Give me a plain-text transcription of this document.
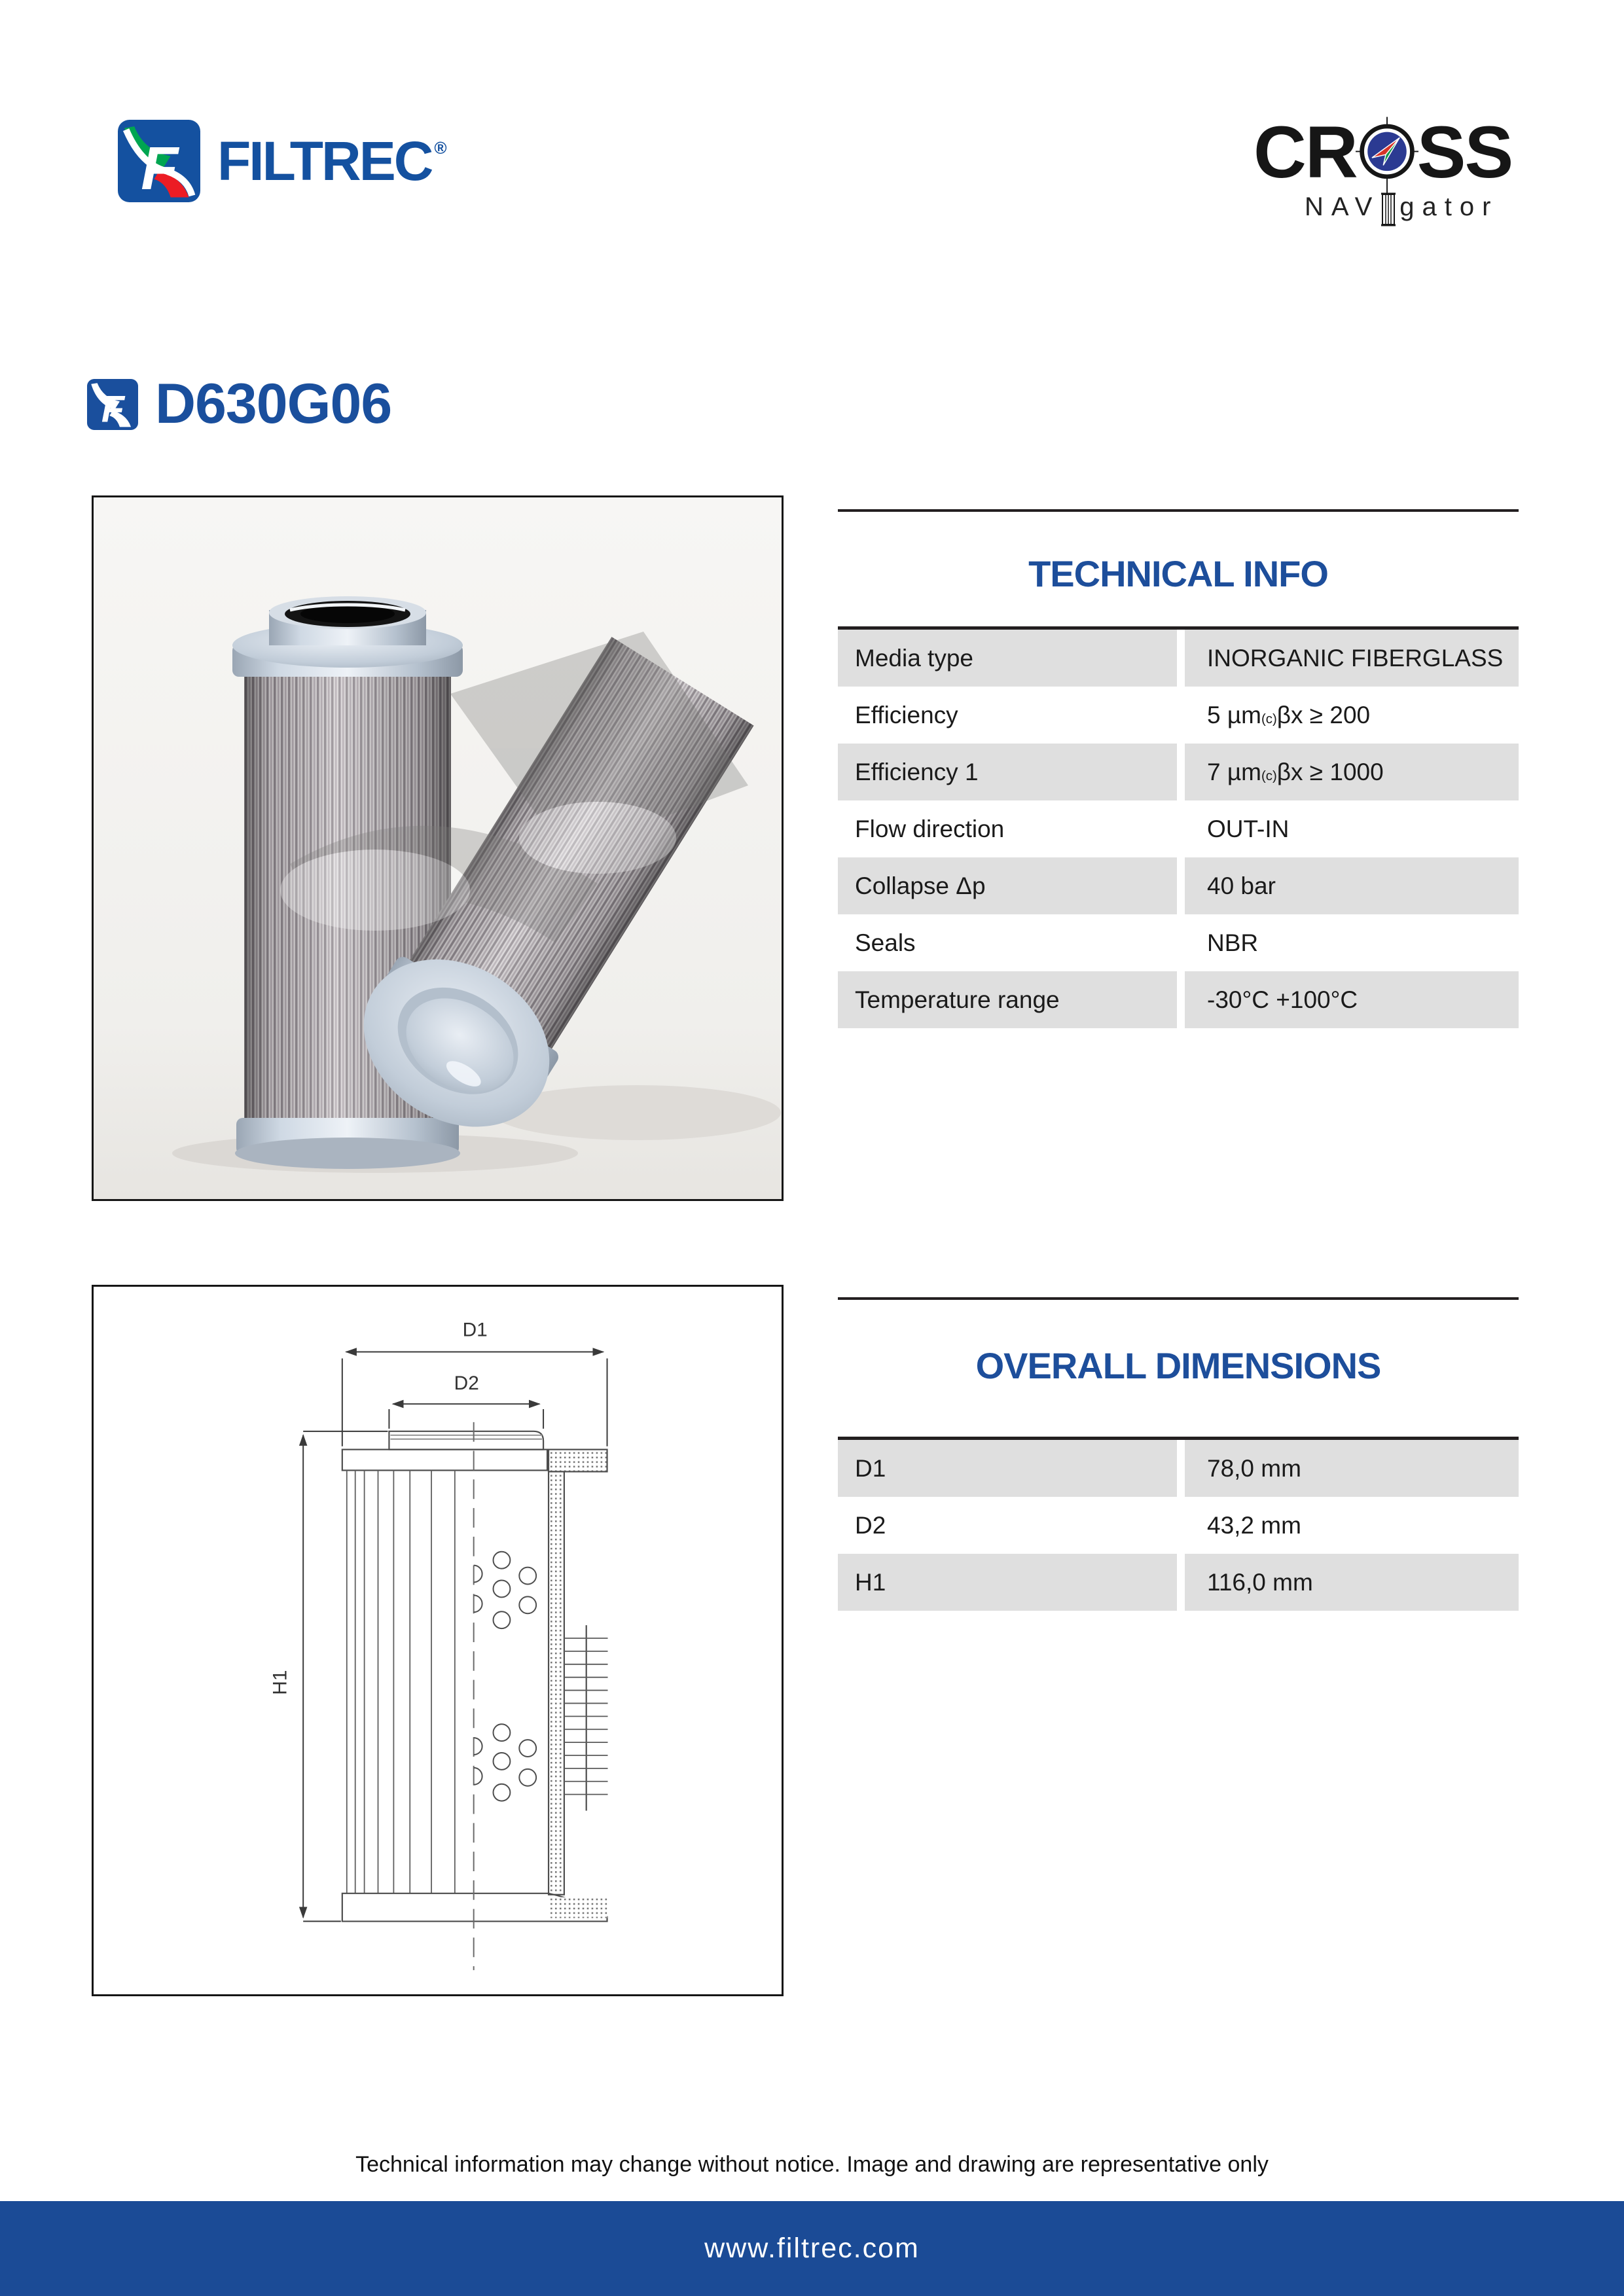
F FILTREC ®	CR SS
NAV gator
F D630G06
TECHNICAL INFO
Media type	INORGANIC FIBERGLASS
Efficiency	5 µm$_{(c)}$ βx ≥ 200
Efficiency 1	7 µm$_{(c)}$ βx ≥ 1000
Flow direction	OUT-IN
Collapse Δp	40 bar
Seals	NBR
Temperature range	-30°C +100°C
D1
D2
H1
OVERALL DIMENSIONS
D1	78,0 mm
D2	43,2 mm
H1	116,0 mm
Technical information may change without notice. Image and drawing are representative only
www.filtrec.com
